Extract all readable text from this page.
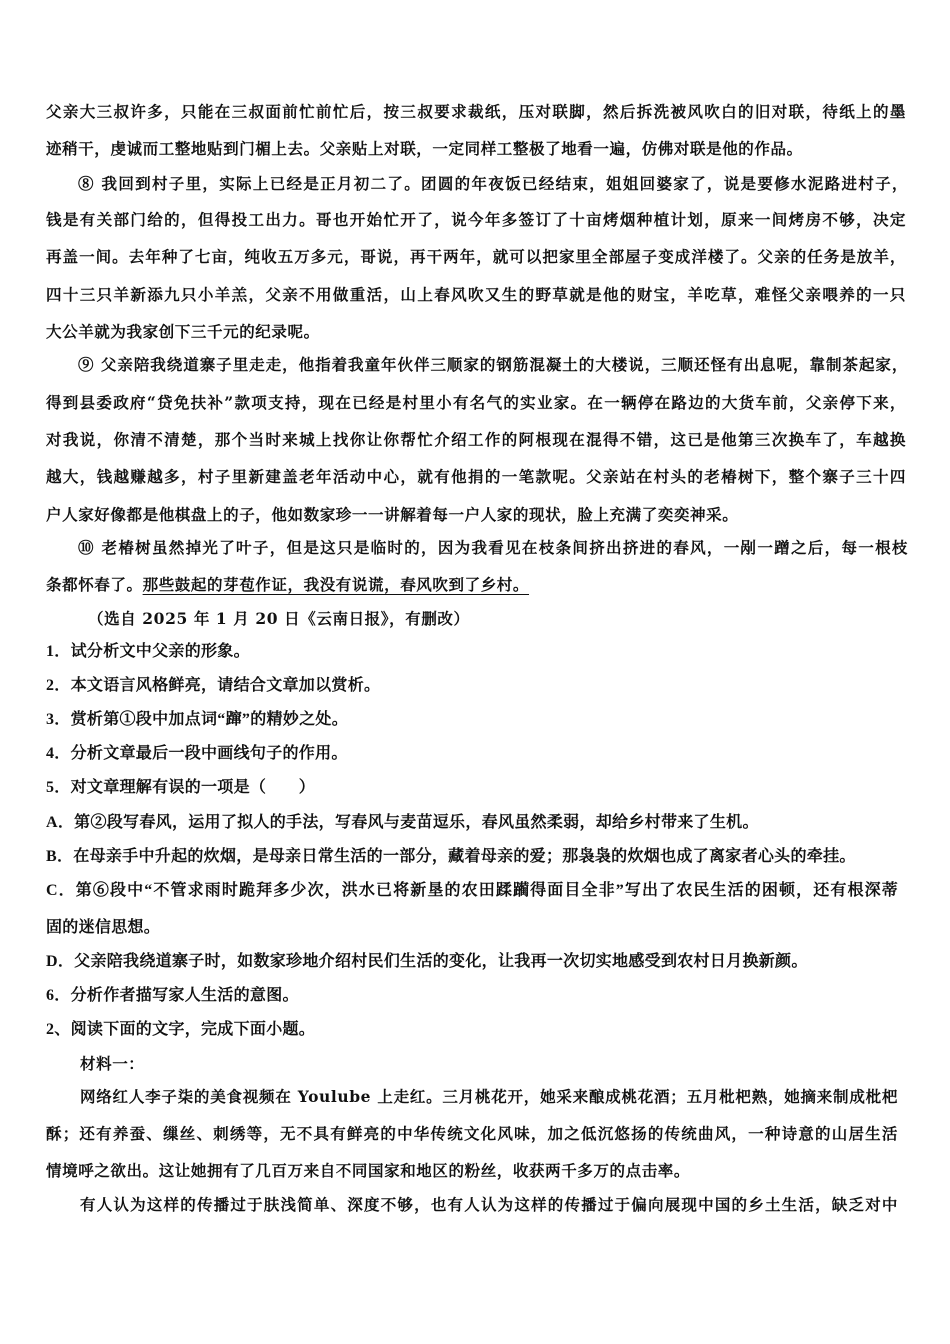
父亲大三叔许多，只能在三叔面前忙前忙后，按三叔要求裁纸，压对联脚，然后拆洗被风吹白的旧对联，待纸上的墨
迹稍干，虔诚而工整地贴到门楣上去。父亲贴上对联，一定同样工整极了地看一遍，仿佛对联是他的作品。
⑧ 我回到村子里，实际上已经是正月初二了。团圆的年夜饭已经结束，姐姐回婆家了，说是要修水泥路进村子，
钱是有关部门给的，但得投工出力。哥也开始忙开了，说今年多签订了十亩烤烟种植计划，原来一间烤房不够，决定
再盖一间。去年种了七亩，纯收五万多元，哥说，再干两年，就可以把家里全部屋子变成洋楼了。父亲的任务是放羊，
四十三只羊新添九只小羊羔，父亲不用做重活，山上春风吹又生的野草就是他的财宝，羊吃草，难怪父亲喂养的一只
大公羊就为我家创下三千元的纪录呢。
⑨ 父亲陪我绕道寨子里走走，他指着我童年伙伴三顺家的钢筋混凝土的大楼说，三顺还怪有出息呢，靠制茶起家，
得到县委政府“贷免扶补”款项支持，现在已经是村里小有名气的实业家。在一辆停在路边的大货车前，父亲停下来，
对我说，你清不清楚，那个当时来城上找你让你帮忙介绍工作的阿根现在混得不错，这已是他第三次换车了，车越换
越大，钱越赚越多，村子里新建盖老年活动中心，就有他捐的一笔款呢。父亲站在村头的老椿树下，整个寨子三十四
户人家好像都是他棋盘上的子，他如数家珍一一讲解着每一户人家的现状，脸上充满了奕奕神采。
⑩ 老椿树虽然掉光了叶子，但是这只是临时的，因为我看见在枝条间挤出挤进的春风，一剐一蹭之后，每一根枝
条都怀春了。那些鼓起的芽苞作证，我没有说谎，春风吹到了乡村。
（选自 2025 年 1 月 20 日《云南日报》，有删改）
1．试分析文中父亲的形象。
2．本文语言风格鲜亮，请结合文章加以赏析。
3．赏析第①段中加点词“蹿”的精妙之处。
4．分析文章最后一段中画线句子的作用。
5．对文章理解有误的一项是（　　）
A．第②段写春风，运用了拟人的手法，写春风与麦苗逗乐，春风虽然柔弱，却给乡村带来了生机。
B．在母亲手中升起的炊烟，是母亲日常生活的一部分，藏着母亲的爱；那袅袅的炊烟也成了离家者心头的牵挂。
C．第⑥段中“不管求雨时跪拜多少次，洪水已将新垦的农田蹂躏得面目全非”写出了农民生活的困顿，还有根深蒂
固的迷信思想。
D．父亲陪我绕道寨子时，如数家珍地介绍村民们生活的变化，让我再一次切实地感受到农村日月换新颜。
6．分析作者描写家人生活的意图。
2、阅读下面的文字，完成下面小题。
材料一：
网络红人李子柒的美食视频在 Youlube 上走红。三月桃花开，她采来酿成桃花酒；五月枇杷熟，她摘来制成枇杷
酥；还有养蚕、缫丝、刺绣等，无不具有鲜亮的中华传统文化风味，加之低沉悠扬的传统曲风，一种诗意的山居生活
情境呼之欲出。这让她拥有了几百万来自不同国家和地区的粉丝，收获两千多万的点击率。
有人认为这样的传播过于肤浅简单、深度不够，也有人认为这样的传播过于偏向展现中国的乡土生活，缺乏对中
